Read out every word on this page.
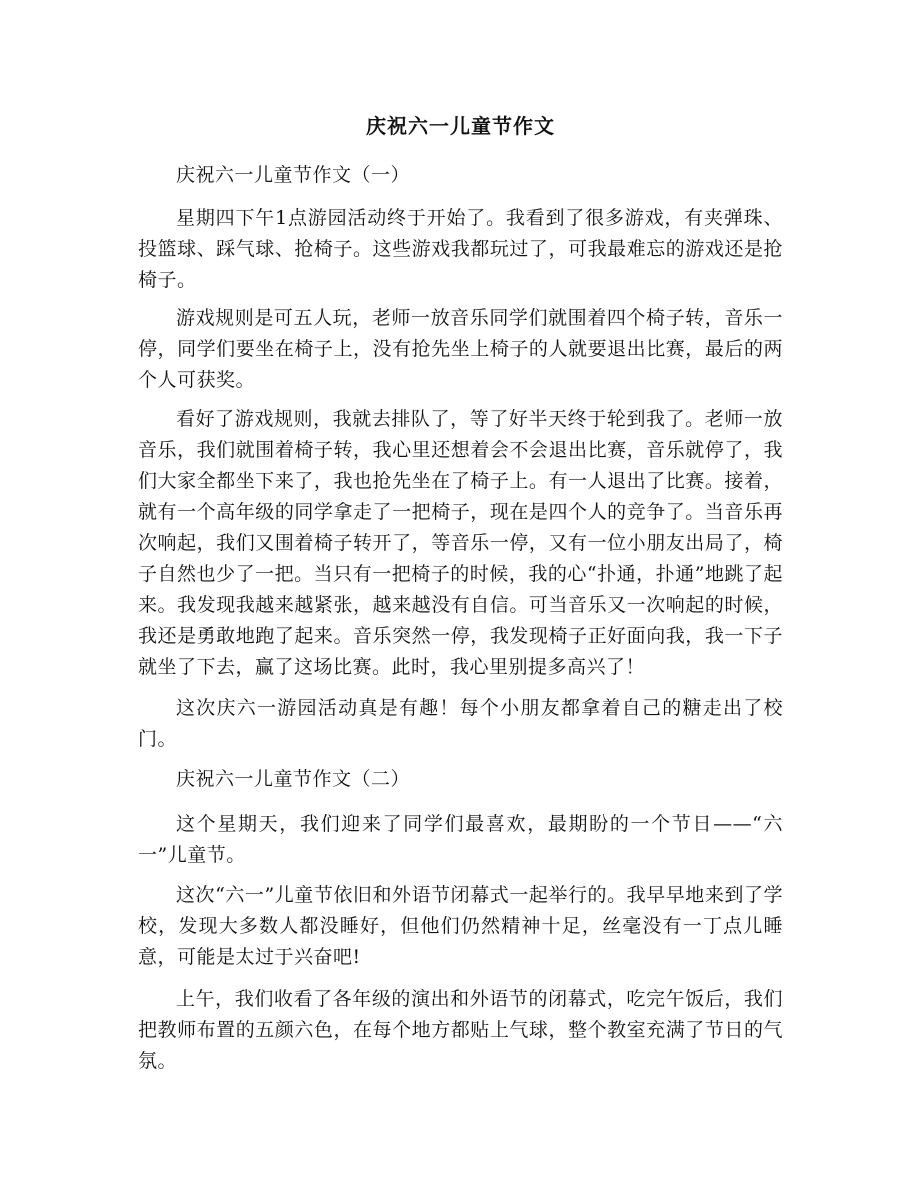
庆祝六一儿童节作文

庆祝六一儿童节作文（一）

星期四下午1点游园活动终于开始了。我看到了很多游戏，有夹弹珠、投篮球、踩气球、抢椅子。这些游戏我都玩过了，可我最难忘的游戏还是抢椅子。

游戏规则是可五人玩，老师一放音乐同学们就围着四个椅子转，音乐一停，同学们要坐在椅子上，没有抢先坐上椅子的人就要退出比赛，最后的两个人可获奖。

看好了游戏规则，我就去排队了，等了好半天终于轮到我了。老师一放音乐，我们就围着椅子转，我心里还想着会不会退出比赛，音乐就停了，我们大家全都坐下来了，我也抢先坐在了椅子上。有一人退出了比赛。接着，就有一个高年级的同学拿走了一把椅子，现在是四个人的竞争了。当音乐再次响起，我们又围着椅子转开了，等音乐一停，又有一位小朋友出局了，椅子自然也少了一把。当只有一把椅子的时候，我的心“扑通，扑通”地跳了起来。我发现我越来越紧张，越来越没有自信。可当音乐又一次响起的时候，我还是勇敢地跑了起来。音乐突然一停，我发现椅子正好面向我，我一下子就坐了下去，赢了这场比赛。此时，我心里别提多高兴了！

这次庆六一游园活动真是有趣！每个小朋友都拿着自己的糖走出了校门。

庆祝六一儿童节作文（二）

这个星期天，我们迎来了同学们最喜欢，最期盼的一个节日——“六一”儿童节。

这次“六一”儿童节依旧和外语节闭幕式一起举行的。我早早地来到了学校，发现大多数人都没睡好，但他们仍然精神十足，丝毫没有一丁点儿睡意，可能是太过于兴奋吧!

上午，我们收看了各年级的演出和外语节的闭幕式，吃完午饭后，我们把教师布置的五颜六色，在每个地方都贴上气球，整个教室充满了节日的气氛。
